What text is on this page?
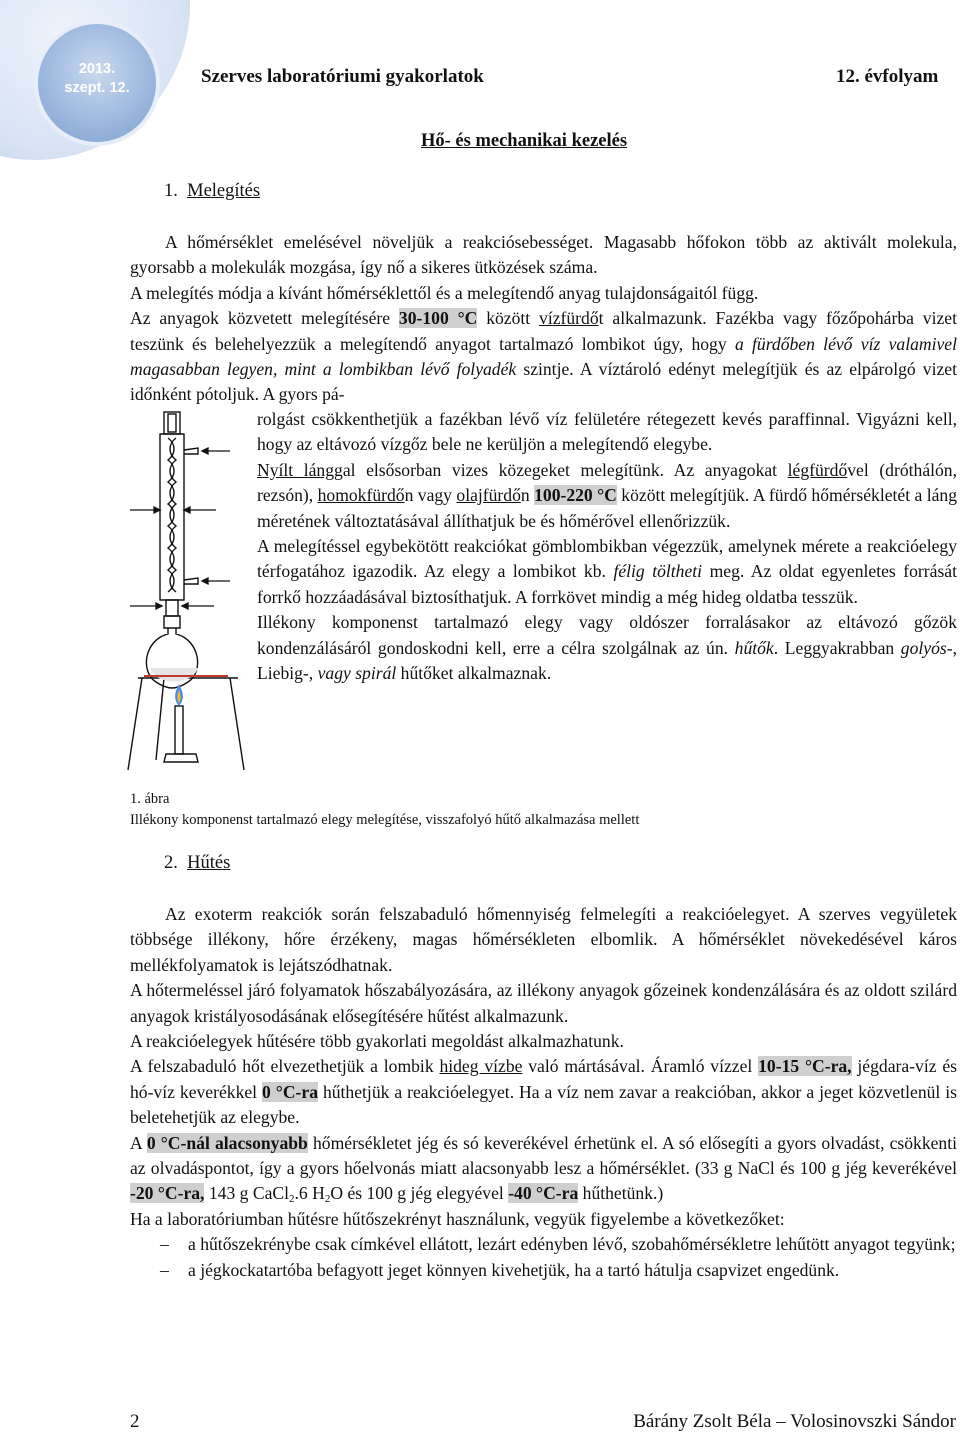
2013.
szept. 12.
Szerves laboratóriumi gyakorlatok	12. évfolyam
Hő- és mechanikai kezelés
1. Melegítés
A hőmérséklet emelésével növeljük a reakciósebességet. Magasabb hőfokon több az aktivált molekula, gyorsabb a molekulák mozgása, így nő a sikeres ütközések száma.
A melegítés módja a kívánt hőmérséklettől és a melegítendő anyag tulajdonságaitól függ.
Az anyagok közvetett melegítésére 30-100 °C között vízfürdőt alkalmazunk. Fazékba vagy főzőpohárba vizet teszünk és belehelyezzük a melegítendő anyagot tartalmazó lombikot úgy, hogy a fürdőben lévő víz valamivel magasabban legyen, mint a lombikban lévő folyadék szintje. A víztároló edényt melegítjük és az elpárolgó vizet időnként pótoljuk. A gyors pá-
rolgást csökkenthetjük a fazékban lévő víz felületére rétegezett kevés paraffinnal. Vigyázni kell, hogy az eltávozó vízgőz bele ne kerüljön a melegítendő elegybe.
Nyílt lánggal elsősorban vizes közegeket melegítünk. Az anyagokat légfürdővel (dróthálón, rezsón), homokfürdőn vagy olajfürdőn 100-220 °C között melegítjük. A fürdő hőmérsékletét a láng méretének változtatásával állíthatjuk be és hőmérővel ellenőrizzük.
A melegítéssel egybekötött reakciókat gömblombikban végezzük, amelynek mérete a reakcióelegy térfogatához igazodik. Az elegy a lombikot kb. félig töltheti meg. Az oldat egyenletes forrását forrkő hozzáadásával biztosíthatjuk. A forrkövet mindig a még hideg oldatba tesszük.
Illékony komponenst tartalmazó elegy vagy oldószer forralásakor az eltávozó gőzök kondenzálásáról gondoskodni kell, erre a célra szolgálnak az ún. hűtők. Leggyakrabban golyós-, Liebig-, vagy spirál hűtőket alkalmaznak.
1. ábra
Illékony komponenst tartalmazó elegy melegítése, visszafolyó hűtő alkalmazása mellett
2. Hűtés
Az exoterm reakciók során felszabaduló hőmennyiség felmelegíti a reakcióelegyet. A szerves vegyületek többsége illékony, hőre érzékeny, magas hőmérsékleten elbomlik. A hőmérséklet növekedésével káros mellékfolyamatok is lejátszódhatnak.
A hőtermeléssel járó folyamatok hőszabályozására, az illékony anyagok gőzeinek kondenzálására és az oldott szilárd anyagok kristályosodásának elősegítésére hűtést alkalmazunk.
A reakcióelegyek hűtésére több gyakorlati megoldást alkalmazhatunk.
A felszabaduló hőt elvezethetjük a lombik hideg vízbe való mártásával. Áramló vízzel 10-15 °C-ra, jégdara-víz és hó-víz keverékkel 0 °C-ra hűthetjük a reakcióelegyet. Ha a víz nem zavar a reakcióban, akkor a jeget közvetlenül is beletehetjük az elegybe.
A 0 °C-nál alacsonyabb hőmérsékletet jég és só keverékével érhetünk el. A só elősegíti a gyors olvadást, csökkenti az olvadáspontot, így a gyors hőelvonás miatt alacsonyabb lesz a hőmérséklet. (33 g NaCl és 100 g jég keverékével -20 °C-ra, 143 g CaCl$_2$.6 $H_2O$ és 100 g jég elegyével -40 °C-ra hűthetünk.)
Ha a laboratóriumban hűtésre hűtőszekrényt használunk, vegyük figyelembe a következőket:
– a hűtőszekrénybe csak címkével ellátott, lezárt edényben lévő, szobahőmérsékletre lehűtött anyagot tegyünk;
– a jégkockatartóba befagyott jeget könnyen kivehetjük, ha a tartó hátulja csapvizet engedünk.
2	Bárány Zsolt Béla – Volosinovszki Sándor
